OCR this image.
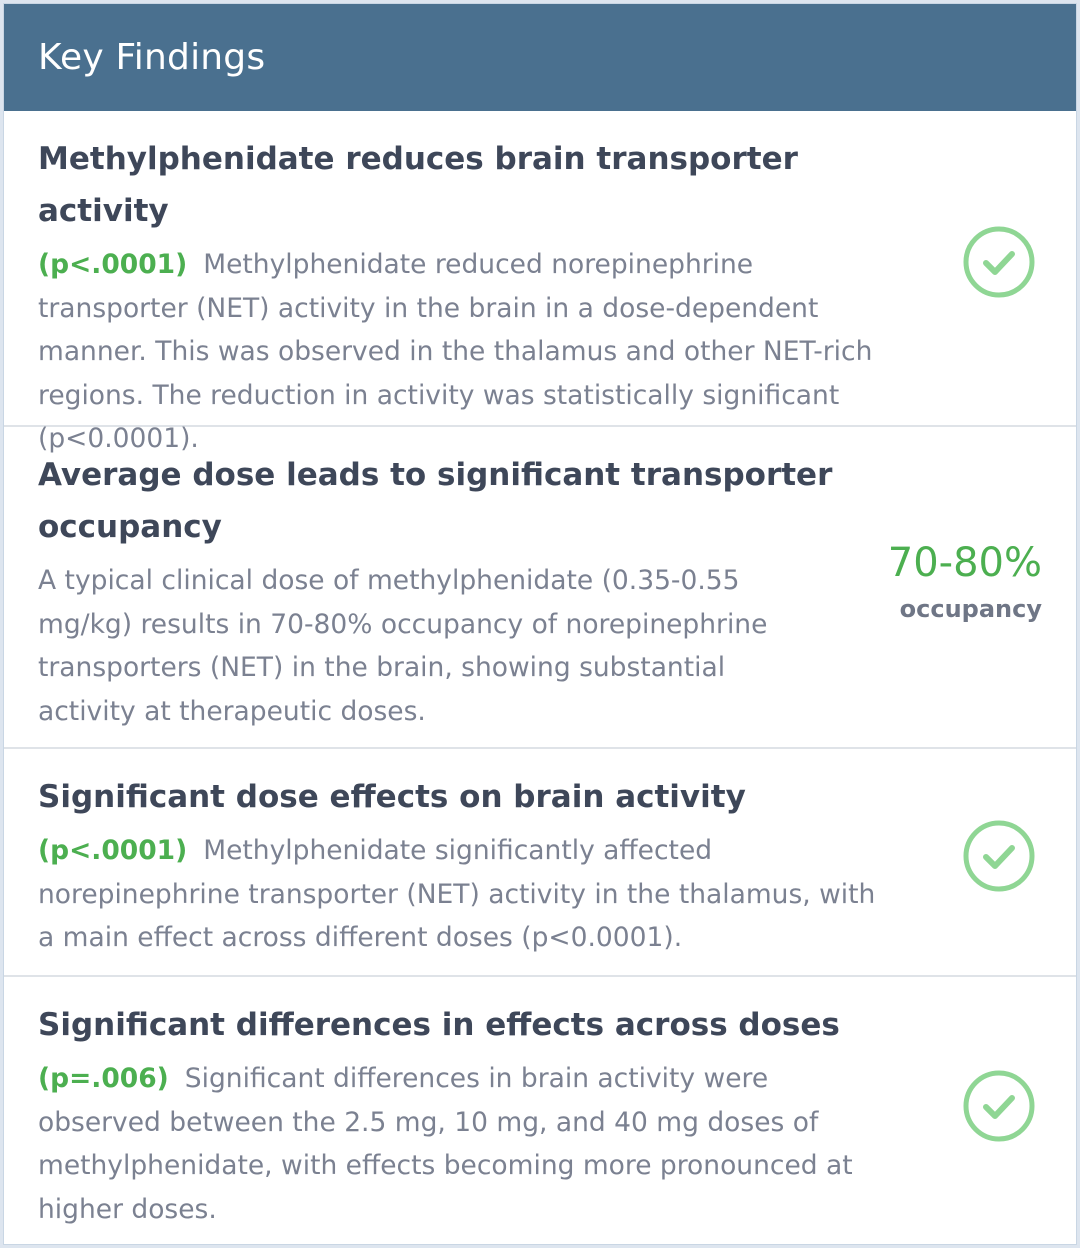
Key Findings
Methylphenidate reduces brain transporter activity
(p<.0001) Methylphenidate reduced norepinephrine transporter (NET) activity in the brain in a dose-dependent manner. This was observed in the thalamus and other NET-rich regions. The reduction in activity was statistically significant (p<0.0001).
Average dose leads to significant transporter occupancy
A typical clinical dose of methylphenidate (0.35-0.55 mg/kg) results in 70-80% occupancy of norepinephrine transporters (NET) in the brain, showing substantial activity at therapeutic doses.
70-80%
occupancy
Significant dose effects on brain activity
(p<.0001) Methylphenidate significantly affected norepinephrine transporter (NET) activity in the thalamus, with a main effect across different doses (p<0.0001).
Significant differences in effects across doses
(p=.006) Significant differences in brain activity were observed between the 2.5 mg, 10 mg, and 40 mg doses of methylphenidate, with effects becoming more pronounced at higher doses.
